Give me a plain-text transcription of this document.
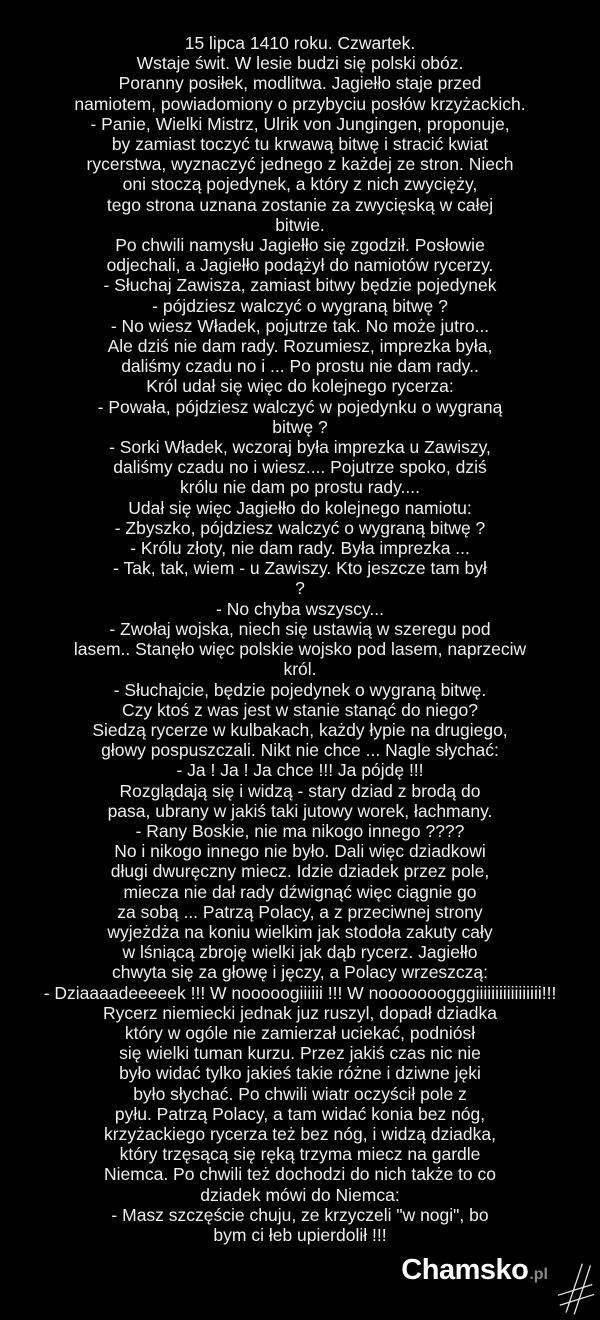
15 lipca 1410 roku. Czwartek.
Wstaje świt. W lesie budzi się polski obóz.
Poranny posiłek, modlitwa. Jagiełło staje przed
namiotem, powiadomiony o przybyciu posłów krzyżackich.
- Panie, Wielki Mistrz, Ulrik von Jungingen, proponuje,
by zamiast toczyć tu krwawą bitwę i stracić kwiat
rycerstwa, wyznaczyć jednego z każdej ze stron. Niech
oni stoczą pojedynek, a który z nich zwycięży,
tego strona uznana zostanie za zwycięską w całej
bitwie.
Po chwili namysłu Jagiełło się zgodził. Posłowie
odjechali, a Jagiełło podążył do namiotów rycerzy.
- Słuchaj Zawisza, zamiast bitwy będzie pojedynek
- pójdziesz walczyć o wygraną bitwę ?
- No wiesz Władek, pojutrze tak. No może jutro...
Ale dziś nie dam rady. Rozumiesz, imprezka była,
daliśmy czadu no i ... Po prostu nie dam rady..
Król udał się więc do kolejnego rycerza:
- Powała, pójdziesz walczyć w pojedynku o wygraną
bitwę ?
- Sorki Władek, wczoraj była imprezka u Zawiszy,
daliśmy czadu no i wiesz.... Pojutrze spoko, dziś
królu nie dam po prostu rady....
Udał się więc Jagiełło do kolejnego namiotu:
- Zbyszko, pójdziesz walczyć o wygraną bitwę ?
- Królu złoty, nie dam rady. Była imprezka ...
- Tak, tak, wiem - u Zawiszy. Kto jeszcze tam był
?
- No chyba wszyscy...
- Zwołaj wojska, niech się ustawią w szeregu pod
lasem.. Stanęło więc polskie wojsko pod lasem, naprzeciw
król.
- Słuchajcie, będzie pojedynek o wygraną bitwę.
Czy ktoś z was jest w stanie stanąć do niego?
Siedzą rycerze w kulbakach, każdy łypie na drugiego,
głowy pospuszczali. Nikt nie chce ... Nagle słychać:
- Ja ! Ja ! Ja chce !!! Ja pójdę !!!
Rozglądają się i widzą - stary dziad z brodą do
pasa, ubrany w jakiś taki jutowy worek, łachmany.
- Rany Boskie, nie ma nikogo innego ????
No i nikogo innego nie było. Dali więc dziadkowi
długi dwuręczny miecz. Idzie dziadek przez pole,
miecza nie dał rady dźwignąć więc ciągnie go
za sobą ... Patrzą Polacy, a z przeciwnej strony
wyjeżdża na koniu wielkim jak stodoła zakuty cały
w lśniącą zbroję wielki jak dąb rycerz. Jagiełło
chwyta się za głowę i jęczy, a Polacy wrzeszczą:
- Dziaaaadeeeeek !!! W nooooogiiiiii !!! W nooooooogggiiiiiiiiiiiiiiiii!!!
Rycerz niemiecki jednak juz ruszyl, dopadł dziadka
który w ogóle nie zamierzał uciekać, podniósł
się wielki tuman kurzu. Przez jakiś czas nic nie
było widać tylko jakieś takie różne i dziwne jęki
było słychać. Po chwili wiatr oczyścił pole z
pyłu. Patrzą Polacy, a tam widać konia bez nóg,
krzyżackiego rycerza też bez nóg, i widzą dziadka,
który trzęsącą się ręką trzyma miecz na gardle
Niemca. Po chwili też dochodzi do nich także to co
dziadek mówi do Niemca:
- Masz szczęście chuju, ze krzyczeli "w nogi", bo
bym ci łeb upierdolił !!!
Chamsko .pl
